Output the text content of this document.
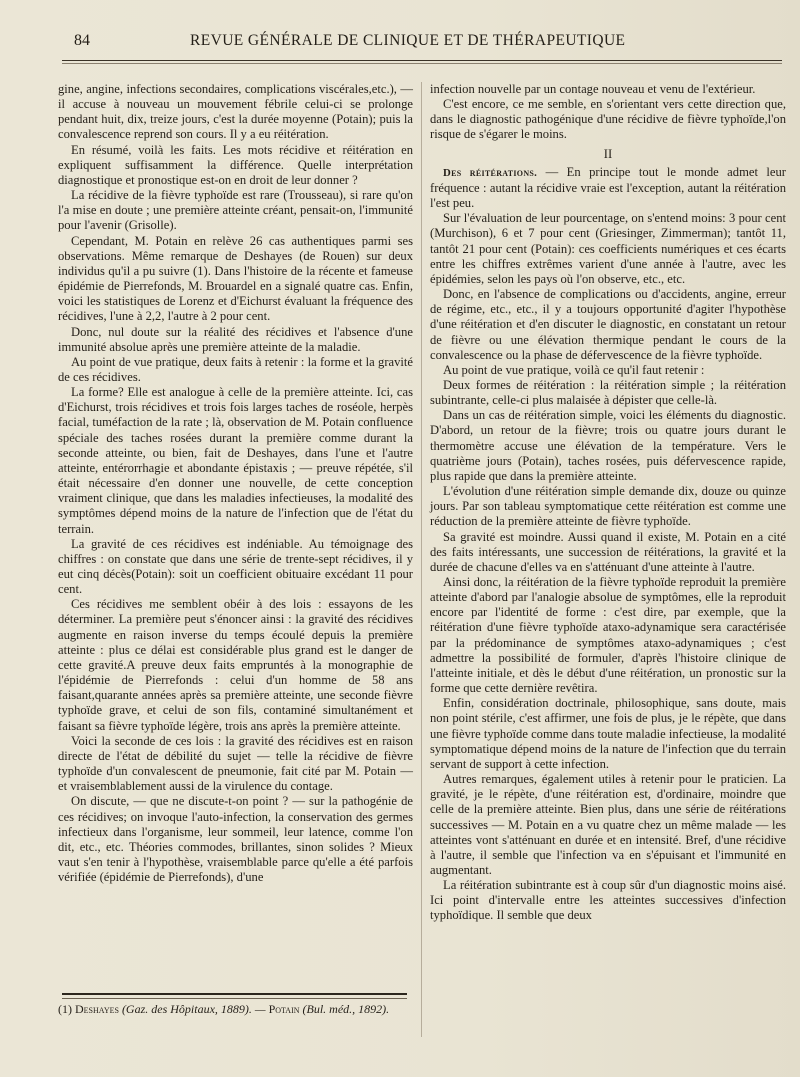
84	REVUE GÉNÉRALE DE CLINIQUE ET DE THÉRAPEUTIQUE

gine, angine, infections secondaires, complications viscérales,etc.), — il accuse à nouveau un mouvement fébrile celui-ci se prolonge pendant huit, dix, treize jours, c'est la durée moyenne (Potain); puis la convalescence reprend son cours. Il y a eu réitération.

En résumé, voilà les faits. Les mots récidive et réitération en expliquent suffisamment la différence. Quelle interprétation diagnostique et pronostique est-on en droit de leur donner ?

La récidive de la fièvre typhoïde est rare (Trousseau), si rare qu'on l'a mise en doute ; une première atteinte créant, pensait-on, l'immunité pour l'avenir (Grisolle).

Cependant, M. Potain en relève 26 cas authentiques parmi ses observations. Même remarque de Deshayes (de Rouen) sur deux individus qu'il a pu suivre (1). Dans l'histoire de la récente et fameuse épidémie de Pierrefonds, M. Brouardel en a signalé quatre cas. Enfin, voici les statistiques de Lorenz et d'Eichurst évaluant la fréquence des récidives, l'une à 2,2, l'autre à 2 pour cent.

Donc, nul doute sur la réalité des récidives et l'absence d'une immunité absolue après une première atteinte de la maladie.

Au point de vue pratique, deux faits à retenir : la forme et la gravité de ces récidives.

La forme? Elle est analogue à celle de la première atteinte. Ici, cas d'Eichurst, trois récidives et trois fois larges taches de roséole, herpès facial, tuméfaction de la rate ; là, observation de M. Potain confluence spéciale des taches rosées durant la première comme durant la seconde atteinte, ou bien, fait de Deshayes, dans l'une et l'autre atteinte, entérorrhagie et abondante épistaxis ; — preuve répétée, s'il était nécessaire d'en donner une nouvelle, de cette conception vraiment clinique, que dans les maladies infectieuses, la modalité des symptômes dépend moins de la nature de l'infection que de l'état du terrain.

La gravité de ces récidives est indéniable. Au témoignage des chiffres : on constate que dans une série de trente-sept récidives, il y eut cinq décès(Potain): soit un coefficient obituaire excédant 11 pour cent.

Ces récidives me semblent obéir à des lois : essayons de les déterminer. La première peut s'énoncer ainsi : la gravité des récidives augmente en raison inverse du temps écoulé depuis la première atteinte : plus ce délai est considérable plus grand est le danger de cette gravité.A preuve deux faits empruntés à la monographie de l'épidémie de Pierrefonds : celui d'un homme de 58 ans faisant,quarante années après sa première atteinte, une seconde fièvre typhoïde grave, et celui de son fils, contaminé simultanément et faisant sa fièvre typhoïde légère, trois ans après la première atteinte.

Voici la seconde de ces lois : la gravité des récidives est en raison directe de l'état de débilité du sujet — telle la récidive de fièvre typhoïde d'un convalescent de pneumonie, fait cité par M. Potain — et vraisemblablement aussi de la virulence du contage.

On discute, — que ne discute-t-on point ? — sur la pathogénie de ces récidives; on invoque l'auto-infection, la conservation des germes infectieux dans l'organisme, leur sommeil, leur latence, comme l'on dit, etc., etc. Théories commodes, brillantes, sinon solides ? Mieux vaut s'en tenir à l'hypothèse, vraisemblable parce qu'elle a été parfois vérifiée (épidémie de Pierrefonds), d'une

infection nouvelle par un contage nouveau et venu de l'extérieur.

C'est encore, ce me semble, en s'orientant vers cette direction que, dans le diagnostic pathogénique d'une récidive de fièvre typhoïde,l'on risque de s'égarer le moins.

II

Des réitérations. — En principe tout le monde admet leur fréquence : autant la récidive vraie est l'exception, autant la réitération l'est peu.

Sur l'évaluation de leur pourcentage, on s'entend moins: 3 pour cent (Murchison), 6 et 7 pour cent (Griesinger, Zimmerman); tantôt 11, tantôt 21 pour cent (Potain): ces coefficients numériques et ces écarts entre les chiffres extrêmes varient d'une année à l'autre, avec les épidémies, selon les pays où l'on observe, etc., etc.

Donc, en l'absence de complications ou d'accidents, angine, erreur de régime, etc., etc., il y a toujours opportunité d'agiter l'hypothèse d'une réitération et d'en discuter le diagnostic, en constatant un retour de fièvre ou une élévation thermique pendant le cours de la convalescence ou la phase de défervescence de la fièvre typhoïde.

Au point de vue pratique, voilà ce qu'il faut retenir :

Deux formes de réitération : la réitération simple ; la réitération subintrante, celle-ci plus malaisée à dépister que celle-là.

Dans un cas de réitération simple, voici les éléments du diagnostic. D'abord, un retour de la fièvre; trois ou quatre jours durant le thermomètre accuse une élévation de la température. Vers le quatrième jours (Potain), taches rosées, puis défervescence rapide, plus rapide que dans la première atteinte.

L'évolution d'une réitération simple demande dix, douze ou quinze jours. Par son tableau symptomatique cette réitération est comme une réduction de la première atteinte de fièvre typhoïde.

Sa gravité est moindre. Aussi quand il existe, M. Potain en a cité des faits intéressants, une succession de réitérations, la gravité et la durée de chacune d'elles va en s'atténuant d'une atteinte à l'autre.

Ainsi donc, la réitération de la fièvre typhoïde reproduit la première atteinte d'abord par l'analogie absolue de symptômes, elle la reproduit encore par l'identité de forme : c'est dire, par exemple, que la réitération d'une fièvre typhoïde ataxo-adynamique sera caractérisée par la prédominance de symptômes ataxo-adynamiques ; c'est admettre la possibilité de formuler, d'après l'histoire clinique de l'atteinte initiale, et dès le début d'une réitération, un pronostic sur la forme que cette dernière revêtira.

Enfin, considération doctrinale, philosophique, sans doute, mais non point stérile, c'est affirmer, une fois de plus, je le répète, que dans une fièvre typhoïde comme dans toute maladie infectieuse, la modalité symptomatique dépend moins de la nature de l'infection que du terrain servant de support à cette infection.

Autres remarques, également utiles à retenir pour le praticien. La gravité, je le répète, d'une réitération est, d'ordinaire, moindre que celle de la première atteinte. Bien plus, dans une série de réitérations successives — M. Potain en a vu quatre chez un même malade — les atteintes vont s'atténuant en durée et en intensité. Bref, d'une récidive à l'autre, il semble que l'infection va en s'épuisant et l'immunité en augmentant.

La réitération subintrante est à coup sûr d'un diagnostic moins aisé. Ici point d'intervalle entre les atteintes successives d'infection typhoïdique. Il semble que deux

(1) Deshayes (Gaz. des Hôpitaux, 1889). — Potain (Bul. méd., 1892).
